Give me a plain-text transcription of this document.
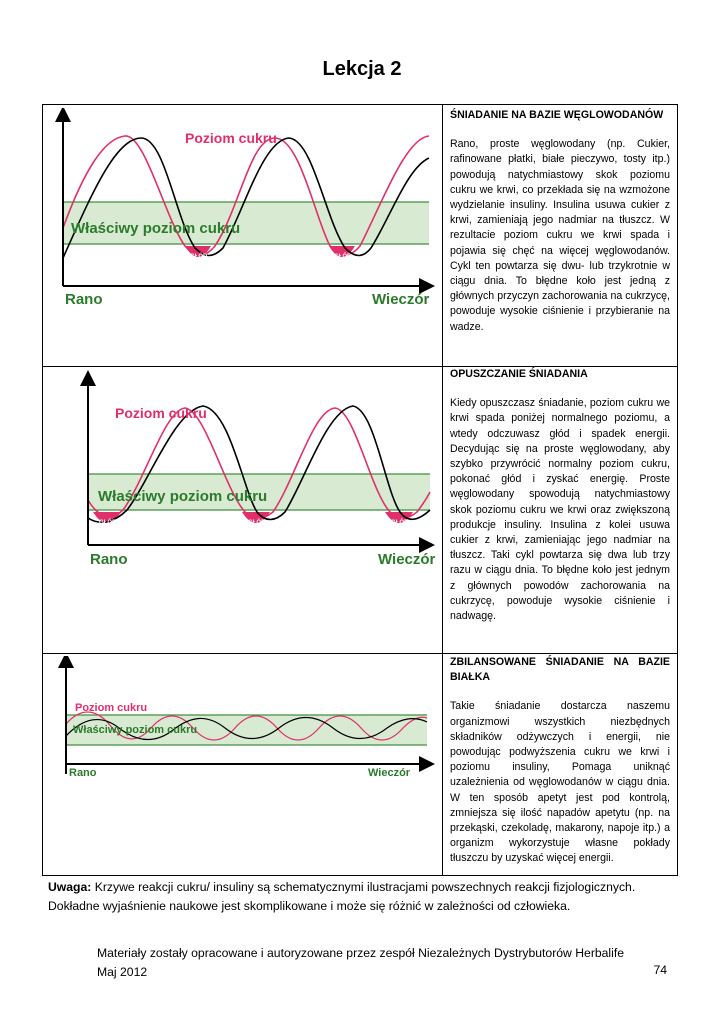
Lekcja 2
Poziom cukru
Właściwy poziom cukru
GŁÓD	GŁÓD
Rano	Wieczór
Poziom cukru
Właściwy poziom cukru
GŁÓD	GŁÓD	GŁÓD
Rano	Wieczór
Poziom cukru
Właściwy poziom cukru
Rano	Wieczór
ŚNIADANIE NA BAZIE WĘGLOWODANÓW

Rano, proste węglowodany (np. Cukier, rafinowane płatki, białe pieczywo, tosty itp.) powodują natychmiastowy skok poziomu cukru we krwi, co przekłada się na wzmożone wydzielanie insuliny. Insulina usuwa cukier z krwi, zamieniają jego nadmiar na tłuszcz. W rezultacie poziom cukru we krwi spada i pojawia się chęć na więcej węglowodanów. Cykl ten powtarza się dwu- lub trzykrotnie w ciągu dnia. To błędne koło jest jedną z głównych przyczyn zachorowania na cukrzycę, powoduje wysokie ciśnienie i przybieranie na wadze.

OPUSZCZANIE ŚNIADANIA

Kiedy opuszczasz śniadanie, poziom cukru we krwi spada poniżej normalnego poziomu, a wtedy odczuwasz głód i spadek energii. Decydując się na proste węglowodany, aby szybko przywrócić normalny poziom cukru, pokonać głód i zyskać energię. Proste węglowodany spowodują natychmiastowy skok poziomu cukru we krwi oraz zwiększoną produkcje insuliny. Insulina z kolei usuwa cukier z krwi, zamieniając jego nadmiar na tłuszcz. Taki cykl powtarza się dwa lub trzy razu w ciągu dnia. To błędne koło jest jednym z głównych powodów zachorowania na cukrzycę, powoduje wysokie ciśnienie i nadwagę.

ZBILANSOWANE ŚNIADANIE NA BAZIE BIAŁKA

Takie śniadanie dostarcza naszemu organizmowi wszystkich niezbędnych składników odżywczych i energii, nie powodując podwyższenia cukru we krwi i poziomu insuliny, Pomaga uniknąć uzależnienia od węglowodanów w ciągu dnia. W ten sposób apetyt jest pod kontrolą, zmniejsza się ilość napadów apetytu (np. na przekąski, czekoladę, makarony, napoje itp.) a organizm wykorzystuje własne pokłady tłuszczu by uzyskać więcej energii.

Uwaga: Krzywe reakcji cukru/ insuliny są schematycznymi ilustracjami powszechnych reakcji fizjologicznych. Dokładne wyjaśnienie naukowe jest skomplikowane i może się różnić w zależności od człowieka.
Materiały zostały opracowane i autoryzowane przez zespół Niezależnych Dystrybutorów Herbalife
Maj 2012	74
